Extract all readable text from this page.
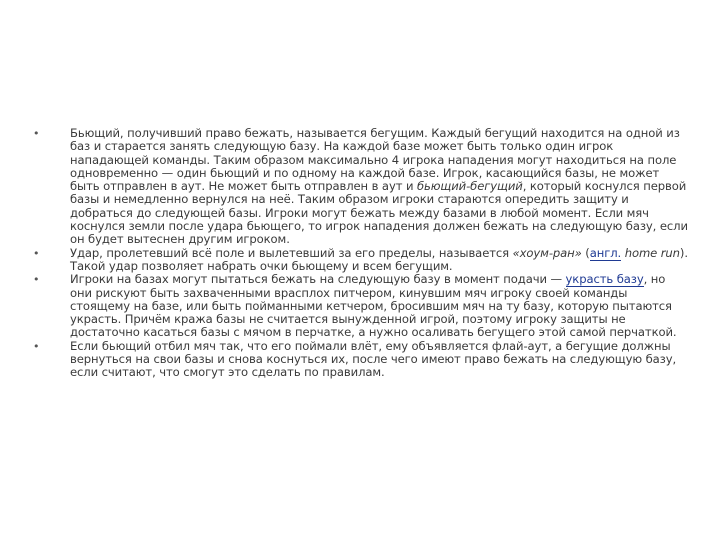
•	Бьющий, получивший право бежать, называется бегущим. Каждый бегущий находится на одной из баз и старается занять следующую базу. На каждой базе может быть только один игрок нападающей команды. Таким образом максимально 4 игрока нападения могут находиться на поле одновременно — один бьющий и по одному на каждой базе. Игрок, касающийся базы, не может быть отправлен в аут. Не может быть отправлен в аут и бьющий-бегущий, который коснулся первой базы и немедленно вернулся на неё. Таким образом игроки стараются опередить защиту и добраться до следующей базы. Игроки могут бежать между базами в любой момент. Если мяч коснулся земли после удара бьющего, то игрок нападения должен бежать на следующую базу, если он будет вытеснен другим игроком.
•	Удар, пролетевший всё поле и вылетевший за его пределы, называется «хоум-ран» (англ. home run). Такой удар позволяет набрать очки бьющему и всем бегущим.
•	Игроки на базах могут пытаться бежать на следующую базу в момент подачи — украсть базу, но они рискуют быть захваченными врасплох питчером, кинувшим мяч игроку своей команды стоящему на базе, или быть пойманными кетчером, бросившим мяч на ту базу, которую пытаются украсть. Причём кража базы не считается вынужденной игрой, поэтому игроку защиты не достаточно касаться базы с мячом в перчатке, а нужно осаливать бегущего этой самой перчаткой.
•	Если бьющий отбил мяч так, что его поймали влёт, ему объявляется флай-аут, а бегущие должны вернуться на свои базы и снова коснуться их, после чего имеют право бежать на следующую базу, если считают, что смогут это сделать по правилам.
